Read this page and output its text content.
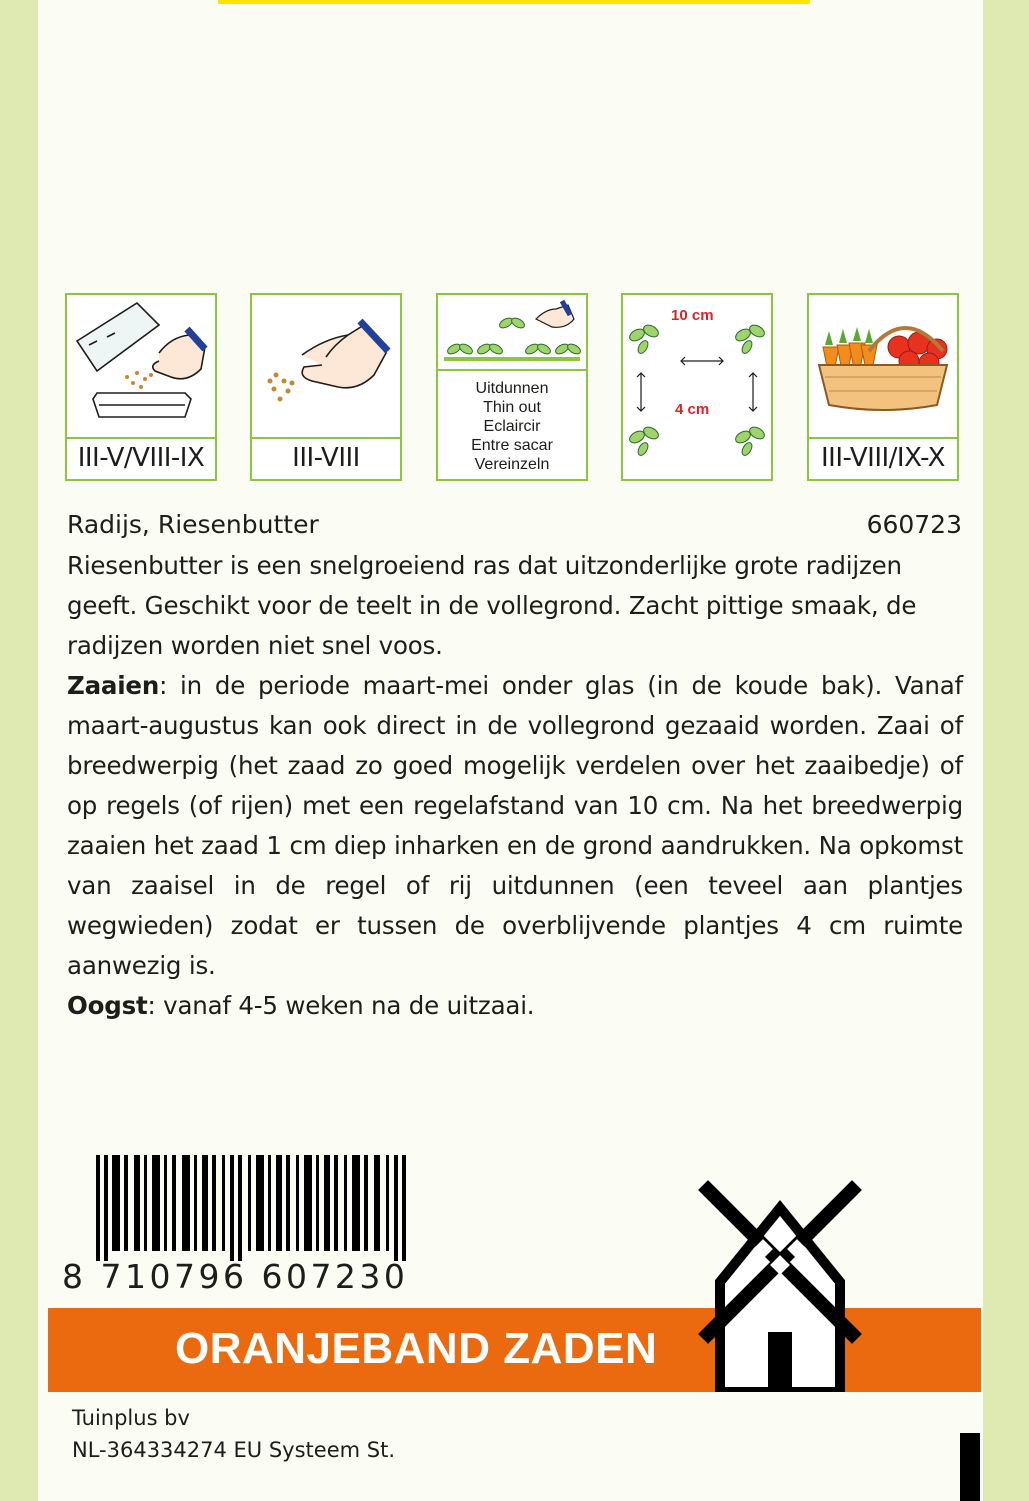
III-V/VIII-IX	III-VIII
Uitdunnen
Thin out
Eclaircir
Entre sacar
Vereinzeln
10 cm
4 cm
III-VIII/IX-X
Radijs, Riesenbutter	660723

Riesenbutter is een snelgroeiend ras dat uitzonderlijke grote radijzen geeft. Geschikt voor de teelt in de vollegrond. Zacht pittige smaak, de radijzen worden niet snel voos.

Zaaien: in de periode maart-mei onder glas (in de koude bak). Vanaf maart-augustus kan ook direct in de vollegrond gezaaid worden. Zaai of breedwerpig (het zaad zo goed mogelijk verdelen over het zaaibedje) of op regels (of rijen) met een regelafstand van 10 cm. Na het breedwerpig zaaien het zaad 1 cm diep inharken en de grond aandrukken. Na opkomst van zaaisel in de regel of rij uitdunnen (een teveel aan plantjes wegwieden) zodat er tussen de overblijvende plantjes 4 cm ruimte aanwezig is.

Oogst: vanaf 4-5 weken na de uitzaai.

8 710796 607230
ORANJEBAND ZADEN
Tuinplus bv
NL-364334274 EU Systeem St.
